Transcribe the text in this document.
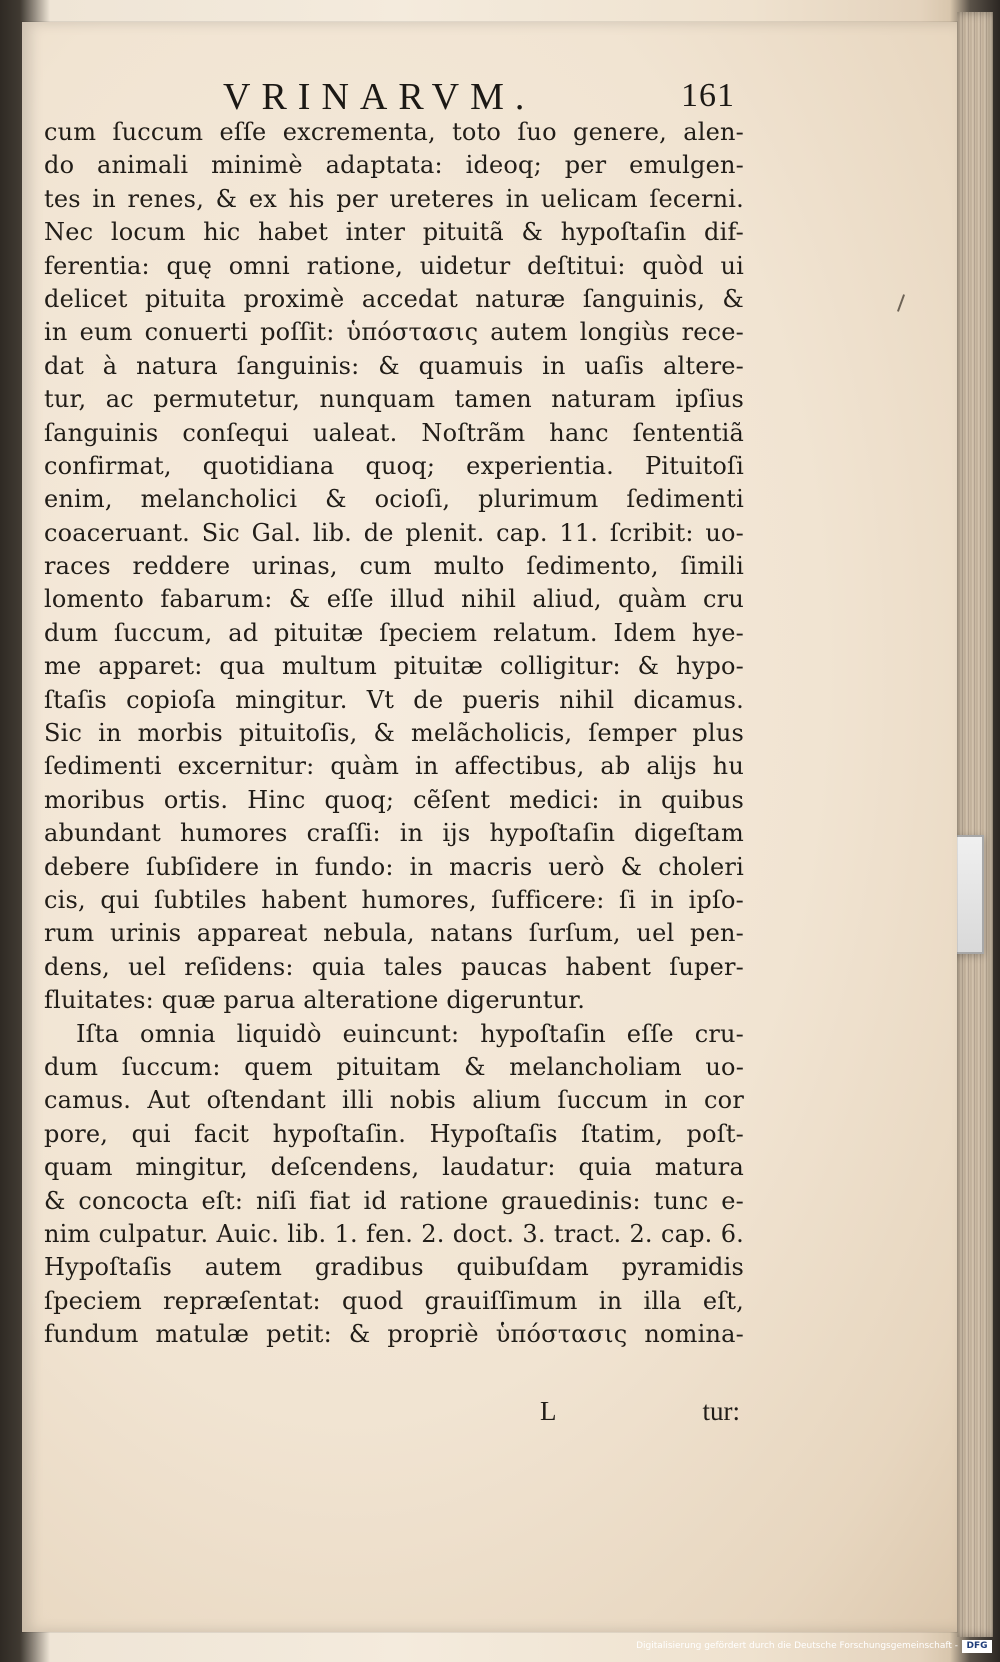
VRINARVM.	161
cum ſuccum eſſe excrementa, toto ſuo genere, alen-
do animali minimè adaptata: ideoq; per emulgen-
tes in renes, & ex his per ureteres in uelicam ſecerni.
Nec locum hic habet inter pituitã & hypoſtaſin dif-
ferentia: quę omni ratione, uidetur deſtitui: quòd ui
delicet pituita proximè accedat naturæ ſanguinis, &
in eum conuerti poſſit: ὑπόστασις autem longiùs rece-
dat à natura ſanguinis: & quamuis in uaſis altere-
tur, ac permutetur, nunquam tamen naturam ipſius
ſanguinis conſequi ualeat. Noſtrãm hanc ſententiã
confirmat, quotidiana quoq; experientia. Pituitoſi
enim, melancholici & ocioſi, plurimum ſedimenti
coaceruant. Sic Gal. lib. de plenit. cap. 11. ſcribit: uo-
races reddere urinas, cum multo ſedimento, ſimili
lomento fabarum: & eſſe illud nihil aliud, quàm cru
dum ſuccum, ad pituitæ ſpeciem relatum. Idem hye-
me apparet: qua multum pituitæ colligitur: & hypo-
ſtaſis copioſa mingitur. Vt de pueris nihil dicamus.
Sic in morbis pituitoſis, & melãcholicis, ſemper plus
ſedimenti excernitur: quàm in affectibus, ab alijs hu
moribus ortis. Hinc quoq; cẽſent medici: in quibus
abundant humores craſſi: in ijs hypoſtaſin digeſtam
debere ſubſidere in fundo: in macris uerò & choleri
cis, qui ſubtiles habent humores, ſufficere: ſi in ipſo-
rum urinis appareat nebula, natans ſurſum, uel pen-
dens, uel reſidens: quia tales paucas habent ſuper-
fluitates: quæ parua alteratione digeruntur.
Iſta omnia liquidò euincunt: hypoſtaſin eſſe cru-
dum ſuccum: quem pituitam & melancholiam uo-
camus. Aut oſtendant illi nobis alium ſuccum in cor
pore, qui facit hypoſtaſin. Hypoſtaſis ſtatim, poſt-
quam mingitur, deſcendens, laudatur: quia matura
& concocta eſt: niſi fiat id ratione grauedinis: tunc e-
nim culpatur. Auic. lib. 1. fen. 2. doct. 3. tract. 2. cap. 6.
Hypoſtaſis autem gradibus quibuſdam pyramidis
ſpeciem repræſentat: quod grauiſſimum in illa eſt,
fundum matulæ petit: & propriè ὑπόστασις nomina-
L	tur:
Digitalisierung gefördert durch die Deutsche Forschungsgemeinschaft - DFG
